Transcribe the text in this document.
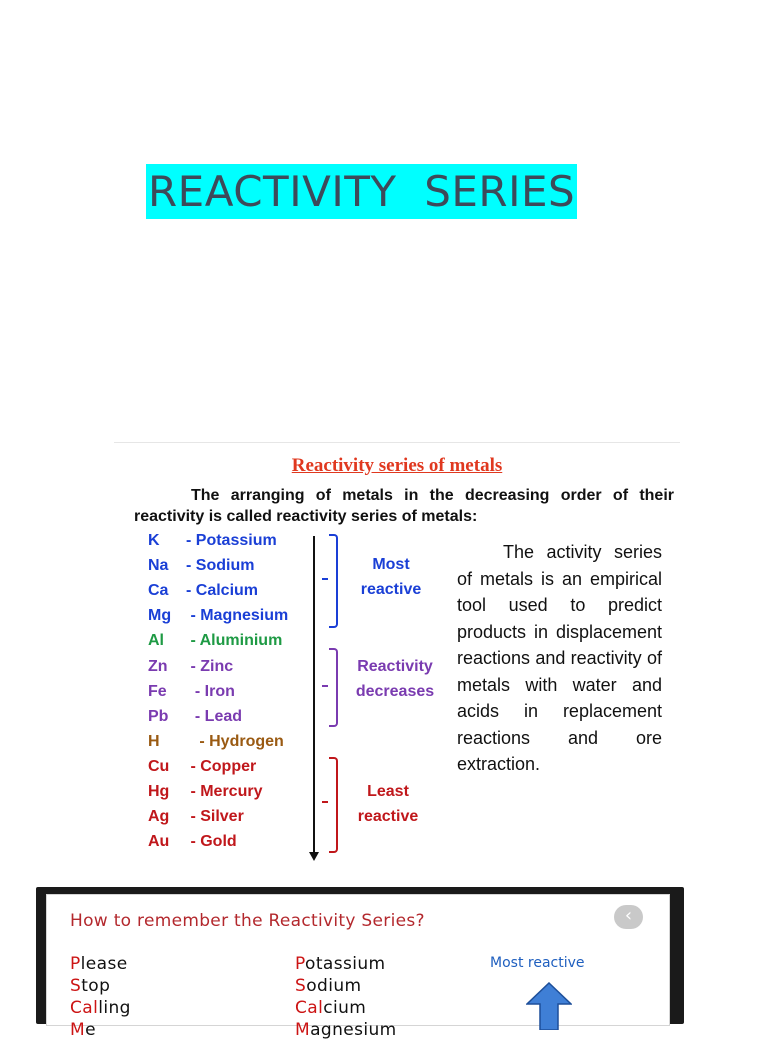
REACTIVITY  SERIES
Reactivity series of metals
The arranging of metals in the decreasing order of their reactivity is called reactivity series of metals:
K - Potassium
Na - Sodium
Ca - Calcium
Mg - Magnesium
Al - Aluminium
Zn - Zinc
Fe  - Iron
Pb  - Lead
H   - Hydrogen
Cu - Copper
Hg - Mercury
Ag - Silver
Au - Gold
Most
reactive
Reactivity
decreases
Least
reactive
The activity series of metals is an empirical tool used to predict products in displacement reactions and reactivity of metals with water and acids in replacement reactions and ore extraction.
How to remember the Reactivity Series?	‹
Please	Potassium
Stop	Sodium
Calling	Calcium
Me	Magnesium
Most reactive
